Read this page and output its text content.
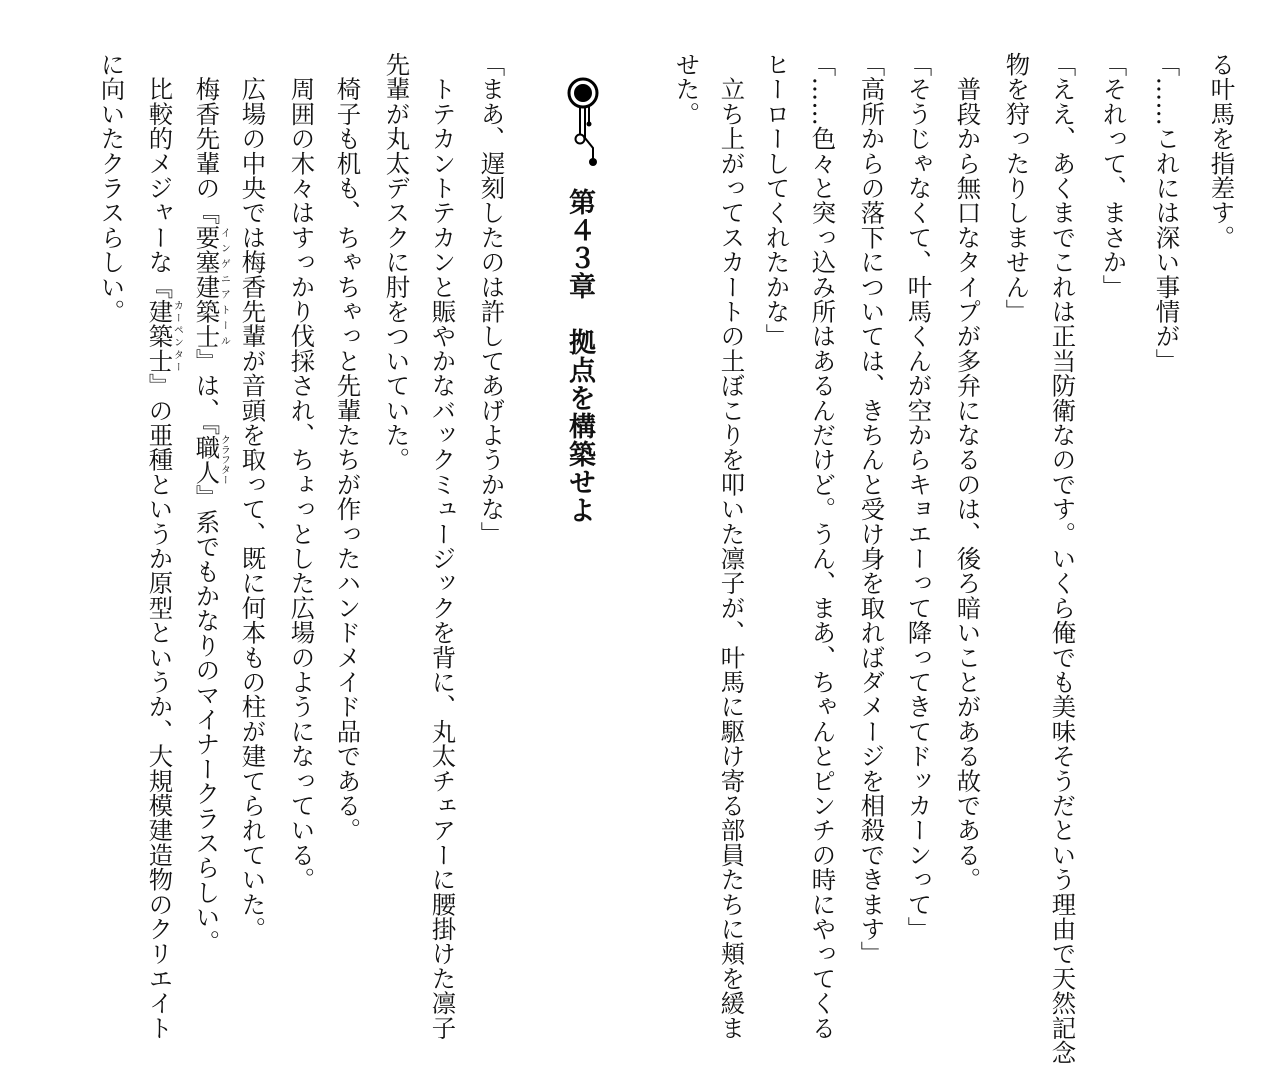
る叶馬を指差す。
「……これには深い事情が」
「それって、まさか」
「ええ、あくまでこれは正当防衛なのです。いくら俺でも美味そうだという理由で天然記念
物を狩ったりしません」
　普段から無口なタイプが多弁になるのは、後ろ暗いことがある故である。
「そうじゃなくて、叶馬くんが空からキョエーって降ってきてドッカーンって」
「高所からの落下については、きちんと受け身を取ればダメージを相殺できます」
「……色々と突っ込み所はあるんだけど。うん、まあ、ちゃんとピンチの時にやってくる
ヒーローしてくれたかな」
　立ち上がってスカートの土ぼこりを叩いた凛子が、叶馬に駆け寄る部員たちに頬を緩ま
せた。
第４３章　拠点を構築せよ
「まあ、遅刻したのは許してあげようかな」
　トテカントテカンと賑やかなバックミュージックを背に、丸太チェアーに腰掛けた凛子
先輩が丸太デスクに肘をついていた。
　椅子も机も、ちゃちゃっと先輩たちが作ったハンドメイド品である。
　周囲の木々はすっかり伐採され、ちょっとした広場のようになっている。
　広場の中央では梅香先輩が音頭を取って、既に何本もの柱が建てられていた。
　梅香先輩の『要塞建築士インゲニアトール』は、『職人クラフター』系でもかなりのマイナークラスらしい。
　比較的メジャーな『建築士カーペンター』の亜種というか原型というか、大規模建造物のクリエイト
に向いたクラスらしい。
